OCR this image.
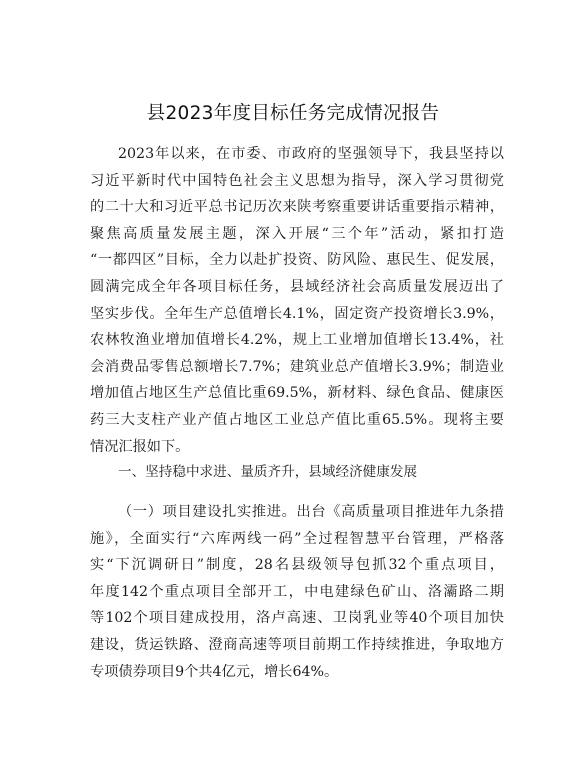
县2023年度目标任务完成情况报告
2023年以来，在市委、市政府的坚强领导下，我县坚持以
习近平新时代中国特色社会主义思想为指导，深入学习贯彻党
的二十大和习近平总书记历次来陕考察重要讲话重要指示精神，
聚焦高质量发展主题，深入开展“三个年”活动，紧扣打造
“一都四区”目标，全力以赴扩投资、防风险、惠民生、促发展，
圆满完成全年各项目标任务，县域经济社会高质量发展迈出了
坚实步伐。全年生产总值增长4.1%，固定资产投资增长3.9%，
农林牧渔业增加值增长4.2%，规上工业增加值增长13.4%，社
会消费品零售总额增长7.7%；建筑业总产值增长3.9%；制造业
增加值占地区生产总值比重69.5%，新材料、绿色食品、健康医
药三大支柱产业产值占地区工业总产值比重65.5%。现将主要
情况汇报如下。
一、坚持稳中求进、量质齐升，县域经济健康发展
（一）项目建设扎实推进。出台《高质量项目推进年九条措
施》，全面实行“六库两线一码”全过程智慧平台管理，严格落
实“下沉调研日”制度，28名县级领导包抓32个重点项目，
年度142个重点项目全部开工，中电建绿色矿山、洛灞路二期
等102个项目建成投用，洛卢高速、卫岗乳业等40个项目加快
建设，货运铁路、澄商高速等项目前期工作持续推进，争取地方
专项债券项目9个共4亿元，增长64%。
